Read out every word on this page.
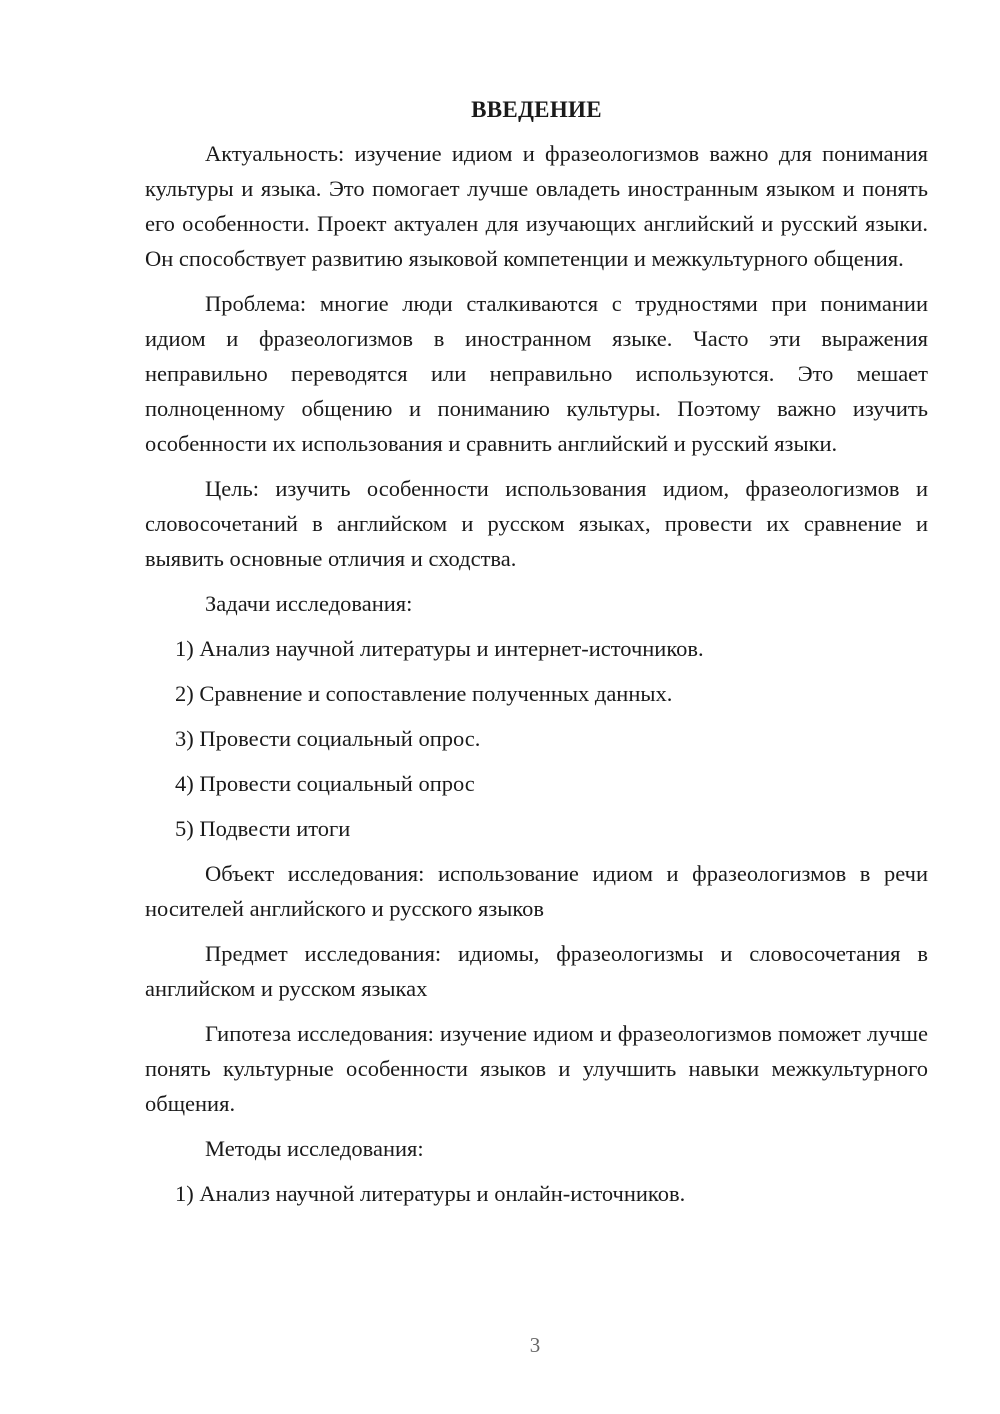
ВВЕДЕНИЕ

Актуальность: изучение идиом и фразеологизмов важно для понимания культуры и языка. Это помогает лучше овладеть иностранным языком и понять его особенности. Проект актуален для изучающих английский и русский языки. Он способствует развитию языковой компетенции и межкультурного общения.

Проблема: многие люди сталкиваются с трудностями при понимании идиом и фразеологизмов в иностранном языке. Часто эти выражения неправильно переводятся или неправильно используются. Это мешает полноценному общению и пониманию культуры. Поэтому важно изучить особенности их использования и сравнить английский и русский языки.

Цель: изучить особенности использования идиом, фразеологизмов и словосочетаний в английском и русском языках, провести их сравнение и выявить основные отличия и сходства.

Задачи исследования:
1) Анализ научной литературы и интернет-источников.
2) Сравнение и сопоставление полученных данных.
3) Провести социальный опрос.
4) Провести социальный опрос
5) Подвести итоги

Объект исследования: использование идиом и фразеологизмов в речи носителей английского и русского языков

Предмет исследования: идиомы, фразеологизмы и словосочетания в английском и русском языках

Гипотеза исследования: изучение идиом и фразеологизмов поможет лучше понять культурные особенности языков и улучшить навыки межкультурного общения.

Методы исследования:
1) Анализ научной литературы и онлайн-источников.
3
